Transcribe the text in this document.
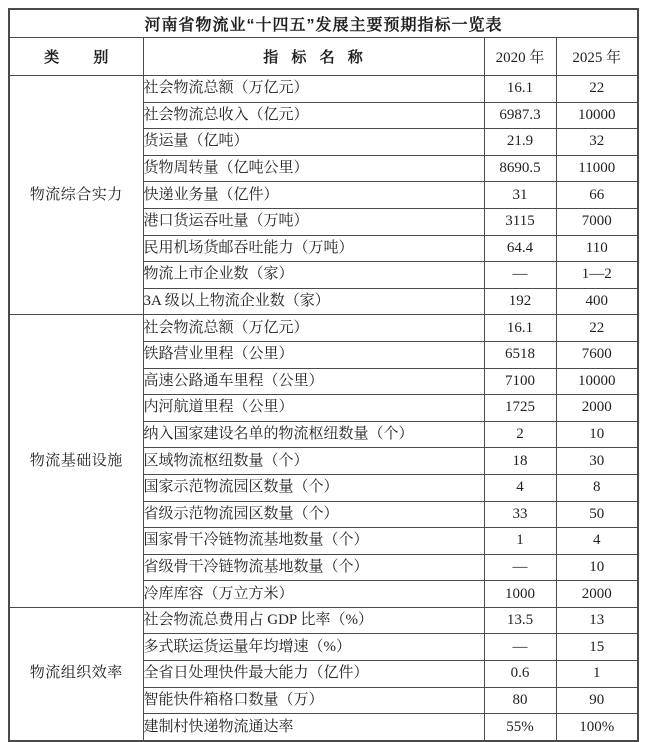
河南省物流业“十四五”发展主要预期指标一览表			
类 别	指 标 名 称	2020 年	2025 年
物流综合实力	社会物流总额（万亿元）	16.1	22
	社会物流总收入（亿元）	6987.3	10000
	货运量（亿吨）	21.9	32
	货物周转量（亿吨公里）	8690.5	11000
	快递业务量（亿件）	31	66
	港口货运吞吐量（万吨）	3115	7000
	民用机场货邮吞吐能力（万吨）	64.4	110
	物流上市企业数（家）	—	1—2
	3A 级以上物流企业数（家）	192	400
物流基础设施	社会物流总额（万亿元）	16.1	22
	铁路营业里程（公里）	6518	7600
	高速公路通车里程（公里）	7100	10000
	内河航道里程（公里）	1725	2000
	纳入国家建设名单的物流枢纽数量（个）	2	10
	区域物流枢纽数量（个）	18	30
	国家示范物流园区数量（个）	4	8
	省级示范物流园区数量（个）	33	50
	国家骨干冷链物流基地数量（个）	1	4
	省级骨干冷链物流基地数量（个）	—	10
	冷库库容（万立方米）	1000	2000
物流组织效率	社会物流总费用占 GDP 比率（%）	13.5	13
	多式联运货运量年均增速（%）	—	15
	全省日处理快件最大能力（亿件）	0.6	1
	智能快件箱格口数量（万）	80	90
	建制村快递物流通达率	55%	100%
